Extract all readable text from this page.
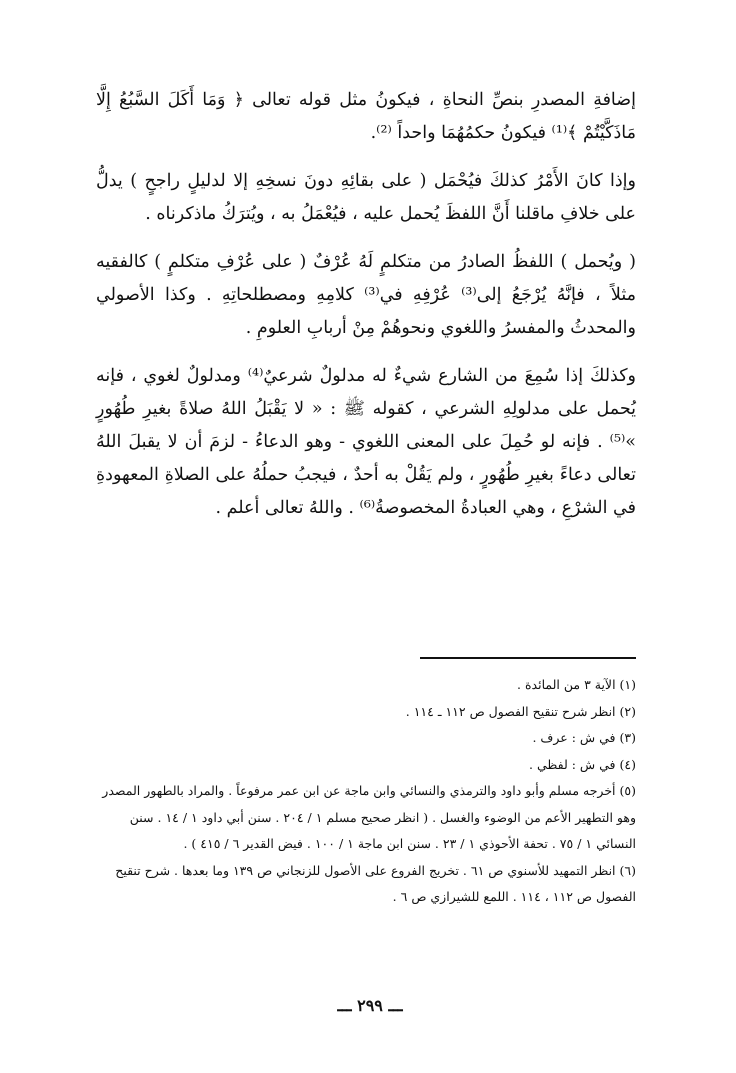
إضافةِ المصدرِ بنصِّ النحاةِ ، فيكونُ مثل قوله تعالى ﴿ وَمَا أَكَلَ السَّبُعُ إِلَّا مَاذَكَّيْتُمْ ﴾⁽¹⁾ فيكونُ حكمُهُمَا واحداً ⁽²⁾.

وإذا كانَ الأَمْرُ كذلكَ فيُحْمَل ( على بقائِهِ دونَ نسخِهِ إلا لدليلٍ راجحٍ ) يدلُّ على خلافِ ماقلنا أَنَّ اللفظَ يُحمل عليه ، فيُعْمَلُ به ، ويُترَكُ ماذكرناه .

( ويُحمل ) اللفظُ الصادرُ من متكلمٍ لَهُ عُرْفٌ ( على عُرْفِ متكلمٍ ) كالفقيه مثلاً ، فإنَّهُ يُرْجَعُ إلى⁽³⁾ عُرْفِهِ في⁽³⁾ كلامِهِ ومصطلحاتِهِ . وكذا الأصولي والمحدثُ والمفسرُ واللغوي ونحوهُمْ مِنْ أربابِ العلومِ .

وكذلكَ إذا سُمِعَ من الشارع شيءٌ له مدلولٌ شرعيٌ⁽⁴⁾ ومدلولٌ لغوي ، فإنه يُحمل على مدلولِهِ الشرعي ، كقوله ﷺ : « لا يَقْبَلُ اللهُ صلاةً بغيرِ طُهُورٍ »⁽⁵⁾ . فإنه لو حُمِلَ على المعنى اللغوي - وهو الدعاءُ - لزمَ أن لا يقبلَ اللهُ تعالى دعاءً بغيرِ طُهُورٍ ، ولم يَقُلْ به أحدٌ ، فيجبُ حملُهُ على الصلاةِ المعهودةِ في الشرْعِ ، وهي العبادةُ المخصوصةُ⁽⁶⁾ . واللهُ تعالى أعلم .

(١) الآية ٣ من المائدة .

(٢) انظر شرح تنقيح الفصول ص ١١٢ ـ ١١٤ .

(٣) في ش : عرف .

(٤) في ش : لفظي .

(٥) أخرجه مسلم وأبو داود والترمذي والنسائي وابن ماجة عن ابن عمر مرفوعاً . والمراد بالطهور المصدر وهو التطهير الأعم من الوضوء والغسل . ( انظر صحيح مسلم ١ / ٢٠٤ . سنن أبي داود ١ / ١٤ . سنن النسائي ١ / ٧٥ . تحفة الأحوذي ١ / ٢٣ . سنن ابن ماجة ١ / ١٠٠ . فيض القدير ٦ / ٤١٥ ) .

(٦) انظر التمهيد للأسنوي ص ٦١ . تخريج الفروع على الأصول للزنجاني ص ١٣٩ وما بعدها . شرح تنقيح الفصول ص ١١٢ ، ١١٤ . اللمع للشيرازي ص ٦ .

ـــ ٢٩٩ ـــ
